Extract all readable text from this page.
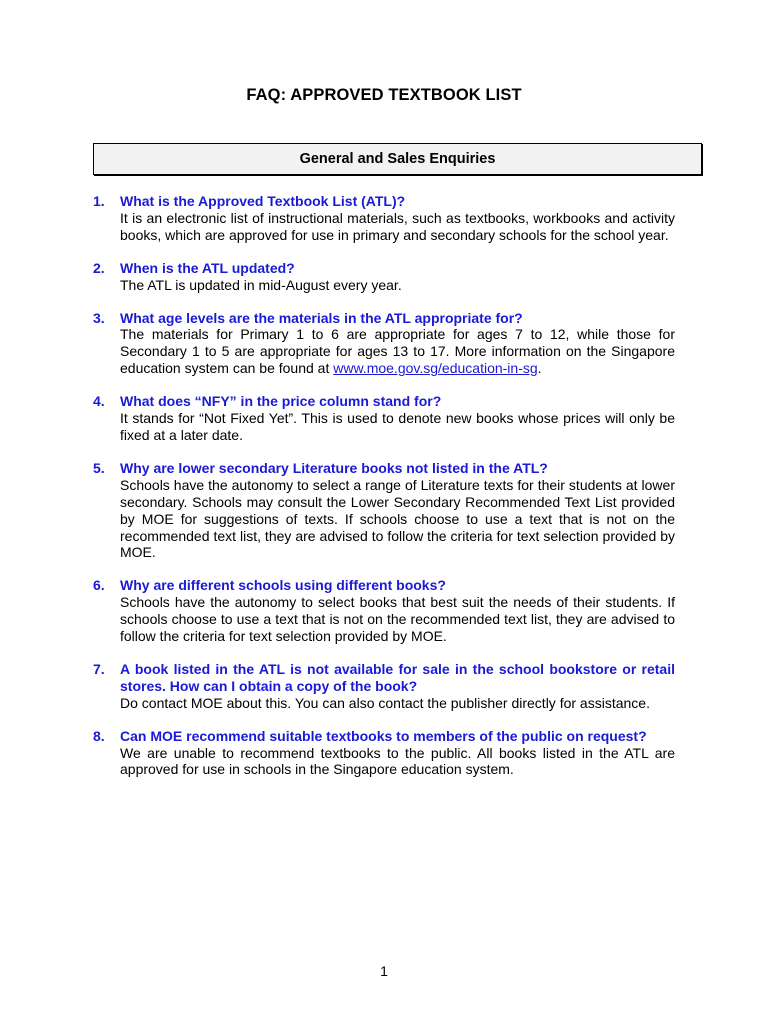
FAQ: APPROVED TEXTBOOK LIST
General and Sales Enquiries
1. What is the Approved Textbook List (ATL)?
It is an electronic list of instructional materials, such as textbooks, workbooks and activity books, which are approved for use in primary and secondary schools for the school year.
2. When is the ATL updated?
The ATL is updated in mid-August every year.
3. What age levels are the materials in the ATL appropriate for?
The materials for Primary 1 to 6 are appropriate for ages 7 to 12, while those for Secondary 1 to 5 are appropriate for ages 13 to 17. More information on the Singapore education system can be found at www.moe.gov.sg/education-in-sg.
4. What does “NFY” in the price column stand for?
It stands for “Not Fixed Yet”. This is used to denote new books whose prices will only be fixed at a later date.
5. Why are lower secondary Literature books not listed in the ATL?
Schools have the autonomy to select a range of Literature texts for their students at lower secondary. Schools may consult the Lower Secondary Recommended Text List provided by MOE for suggestions of texts. If schools choose to use a text that is not on the recommended text list, they are advised to follow the criteria for text selection provided by MOE.
6. Why are different schools using different books?
Schools have the autonomy to select books that best suit the needs of their students. If schools choose to use a text that is not on the recommended text list, they are advised to follow the criteria for text selection provided by MOE.
7. A book listed in the ATL is not available for sale in the school bookstore or retail stores. How can I obtain a copy of the book?
Do contact MOE about this. You can also contact the publisher directly for assistance.
8. Can MOE recommend suitable textbooks to members of the public on request?
We are unable to recommend textbooks to the public. All books listed in the ATL are approved for use in schools in the Singapore education system.
1
